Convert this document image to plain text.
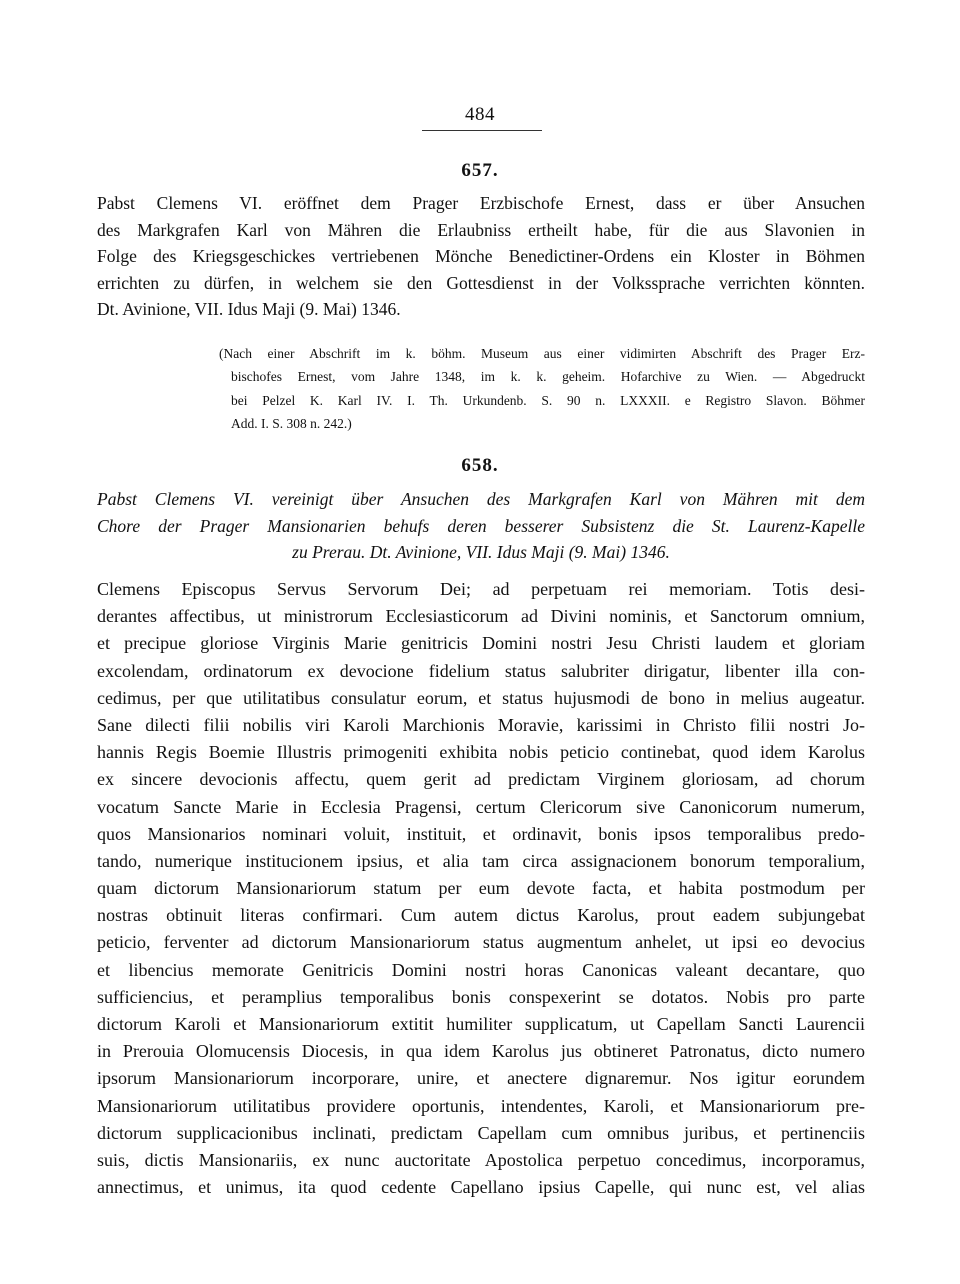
484
657.
Pabst Clemens VI. eröffnet dem Prager Erzbischofe Ernest, dass er über Ansuchen
des Markgrafen Karl von Mähren die Erlaubniss ertheilt habe, für die aus Slavonien in
Folge des Kriegsgeschickes vertriebenen Mönche Benedictiner-Ordens ein Kloster in Böhmen
errichten zu dürfen, in welchem sie den Gottesdienst in der Volkssprache verrichten könnten.
Dt. Avinione, VII. Idus Maji (9. Mai) 1346.
(Nach einer Abschrift im k. böhm. Museum aus einer vidimirten Abschrift des Prager Erz-
bischofes Ernest, vom Jahre 1348, im k. k. geheim. Hofarchive zu Wien. — Abgedruckt
bei Pelzel K. Karl IV. I. Th. Urkundenb. S. 90 n. LXXXII. e Registro Slavon. Böhmer
Add. I. S. 308 n. 242.)
658.
Pabst Clemens VI. vereinigt über Ansuchen des Markgrafen Karl von Mähren mit dem
Chore der Prager Mansionarien behufs deren besserer Subsistenz die St. Laurenz-Kapelle
zu Prerau. Dt. Avinione, VII. Idus Maji (9. Mai) 1346.
Clemens Episcopus Servus Servorum Dei; ad perpetuam rei memoriam. Totis desi-
derantes affectibus, ut ministrorum Ecclesiasticorum ad Divini nominis, et Sanctorum omnium,
et precipue gloriose Virginis Marie genitricis Domini nostri Jesu Christi laudem et gloriam
excolendam, ordinatorum ex devocione fidelium status salubriter dirigatur, libenter illa con-
cedimus, per que utilitatibus consulatur eorum, et status hujusmodi de bono in melius augeatur.
Sane dilecti filii nobilis viri Karoli Marchionis Moravie, karissimi in Christo filii nostri Jo-
hannis Regis Boemie Illustris primogeniti exhibita nobis peticio continebat, quod idem Karolus
ex sincere devocionis affectu, quem gerit ad predictam Virginem gloriosam, ad chorum
vocatum Sancte Marie in Ecclesia Pragensi, certum Clericorum sive Canonicorum numerum,
quos Mansionarios nominari voluit, instituit, et ordinavit, bonis ipsos temporalibus predo-
tando, numerique institucionem ipsius, et alia tam circa assignacionem bonorum temporalium,
quam dictorum Mansionariorum statum per eum devote facta, et habita postmodum per
nostras obtinuit literas confirmari. Cum autem dictus Karolus, prout eadem subjungebat
peticio, ferventer ad dictorum Mansionariorum status augmentum anhelet, ut ipsi eo devocius
et libencius memorate Genitricis Domini nostri horas Canonicas valeant decantare, quo
sufficiencius, et peramplius temporalibus bonis conspexerint se dotatos. Nobis pro parte
dictorum Karoli et Mansionariorum extitit humiliter supplicatum, ut Capellam Sancti Laurencii
in Prerouia Olomucensis Diocesis, in qua idem Karolus jus obtineret Patronatus, dicto numero
ipsorum Mansionariorum incorporare, unire, et anectere dignaremur. Nos igitur eorundem
Mansionariorum utilitatibus providere oportunis, intendentes, Karoli, et Mansionariorum pre-
dictorum supplicacionibus inclinati, predictam Capellam cum omnibus juribus, et pertinenciis
suis, dictis Mansionariis, ex nunc auctoritate Apostolica perpetuo concedimus, incorporamus,
annectimus, et unimus, ita quod cedente Capellano ipsius Capelle, qui nunc est, vel alias
